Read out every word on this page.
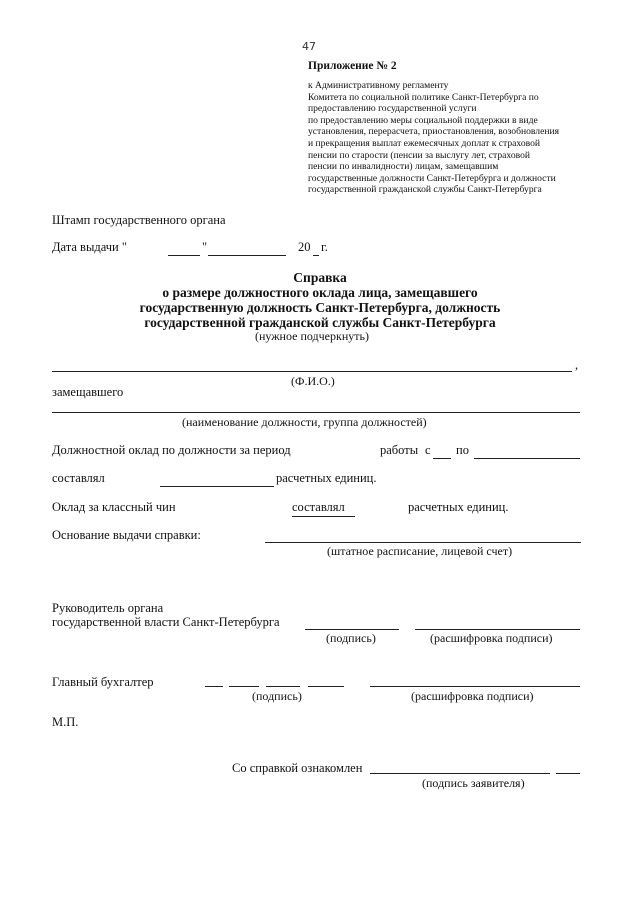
47
Приложение № 2
к Административному регламенту
Комитета по социальной политике Санкт-Петербурга по
предоставлению государственной услуги
по предоставлению меры социальной поддержки в виде
установления, перерасчета, приостановления, возобновления
и прекращения выплат ежемесячных доплат к страховой
пенсии по старости (пенсии за выслугу лет, страховой
пенсии по инвалидности) лицам, замещавшим
государственные должности Санкт-Петербурга и должности
государственной гражданской службы Санкт-Петербурга
Штамп государственного органа
Дата выдачи "	"	20 г.
Справка
о размере должностного оклада лица, замещавшего
государственную должность Санкт-Петербурга, должность
государственной гражданской службы Санкт-Петербурга
(нужное подчеркнуть)
,
(Ф.И.О.)
замещавшего
(наименование должности, группа должностей)
Должностной оклад по должности за период	работы с по
составлял	расчетных единиц.
Оклад за классный чин	составлял	расчетных единиц.
Основание выдачи справки:
(штатное расписание, лицевой счет)
Руководитель органа
государственной власти Санкт-Петербурга
(подпись)	(расшифровка подписи)
Главный бухгалтер
(подпись)	(расшифровка подписи)
М.П.
Со справкой ознакомлен
(подпись заявителя)
